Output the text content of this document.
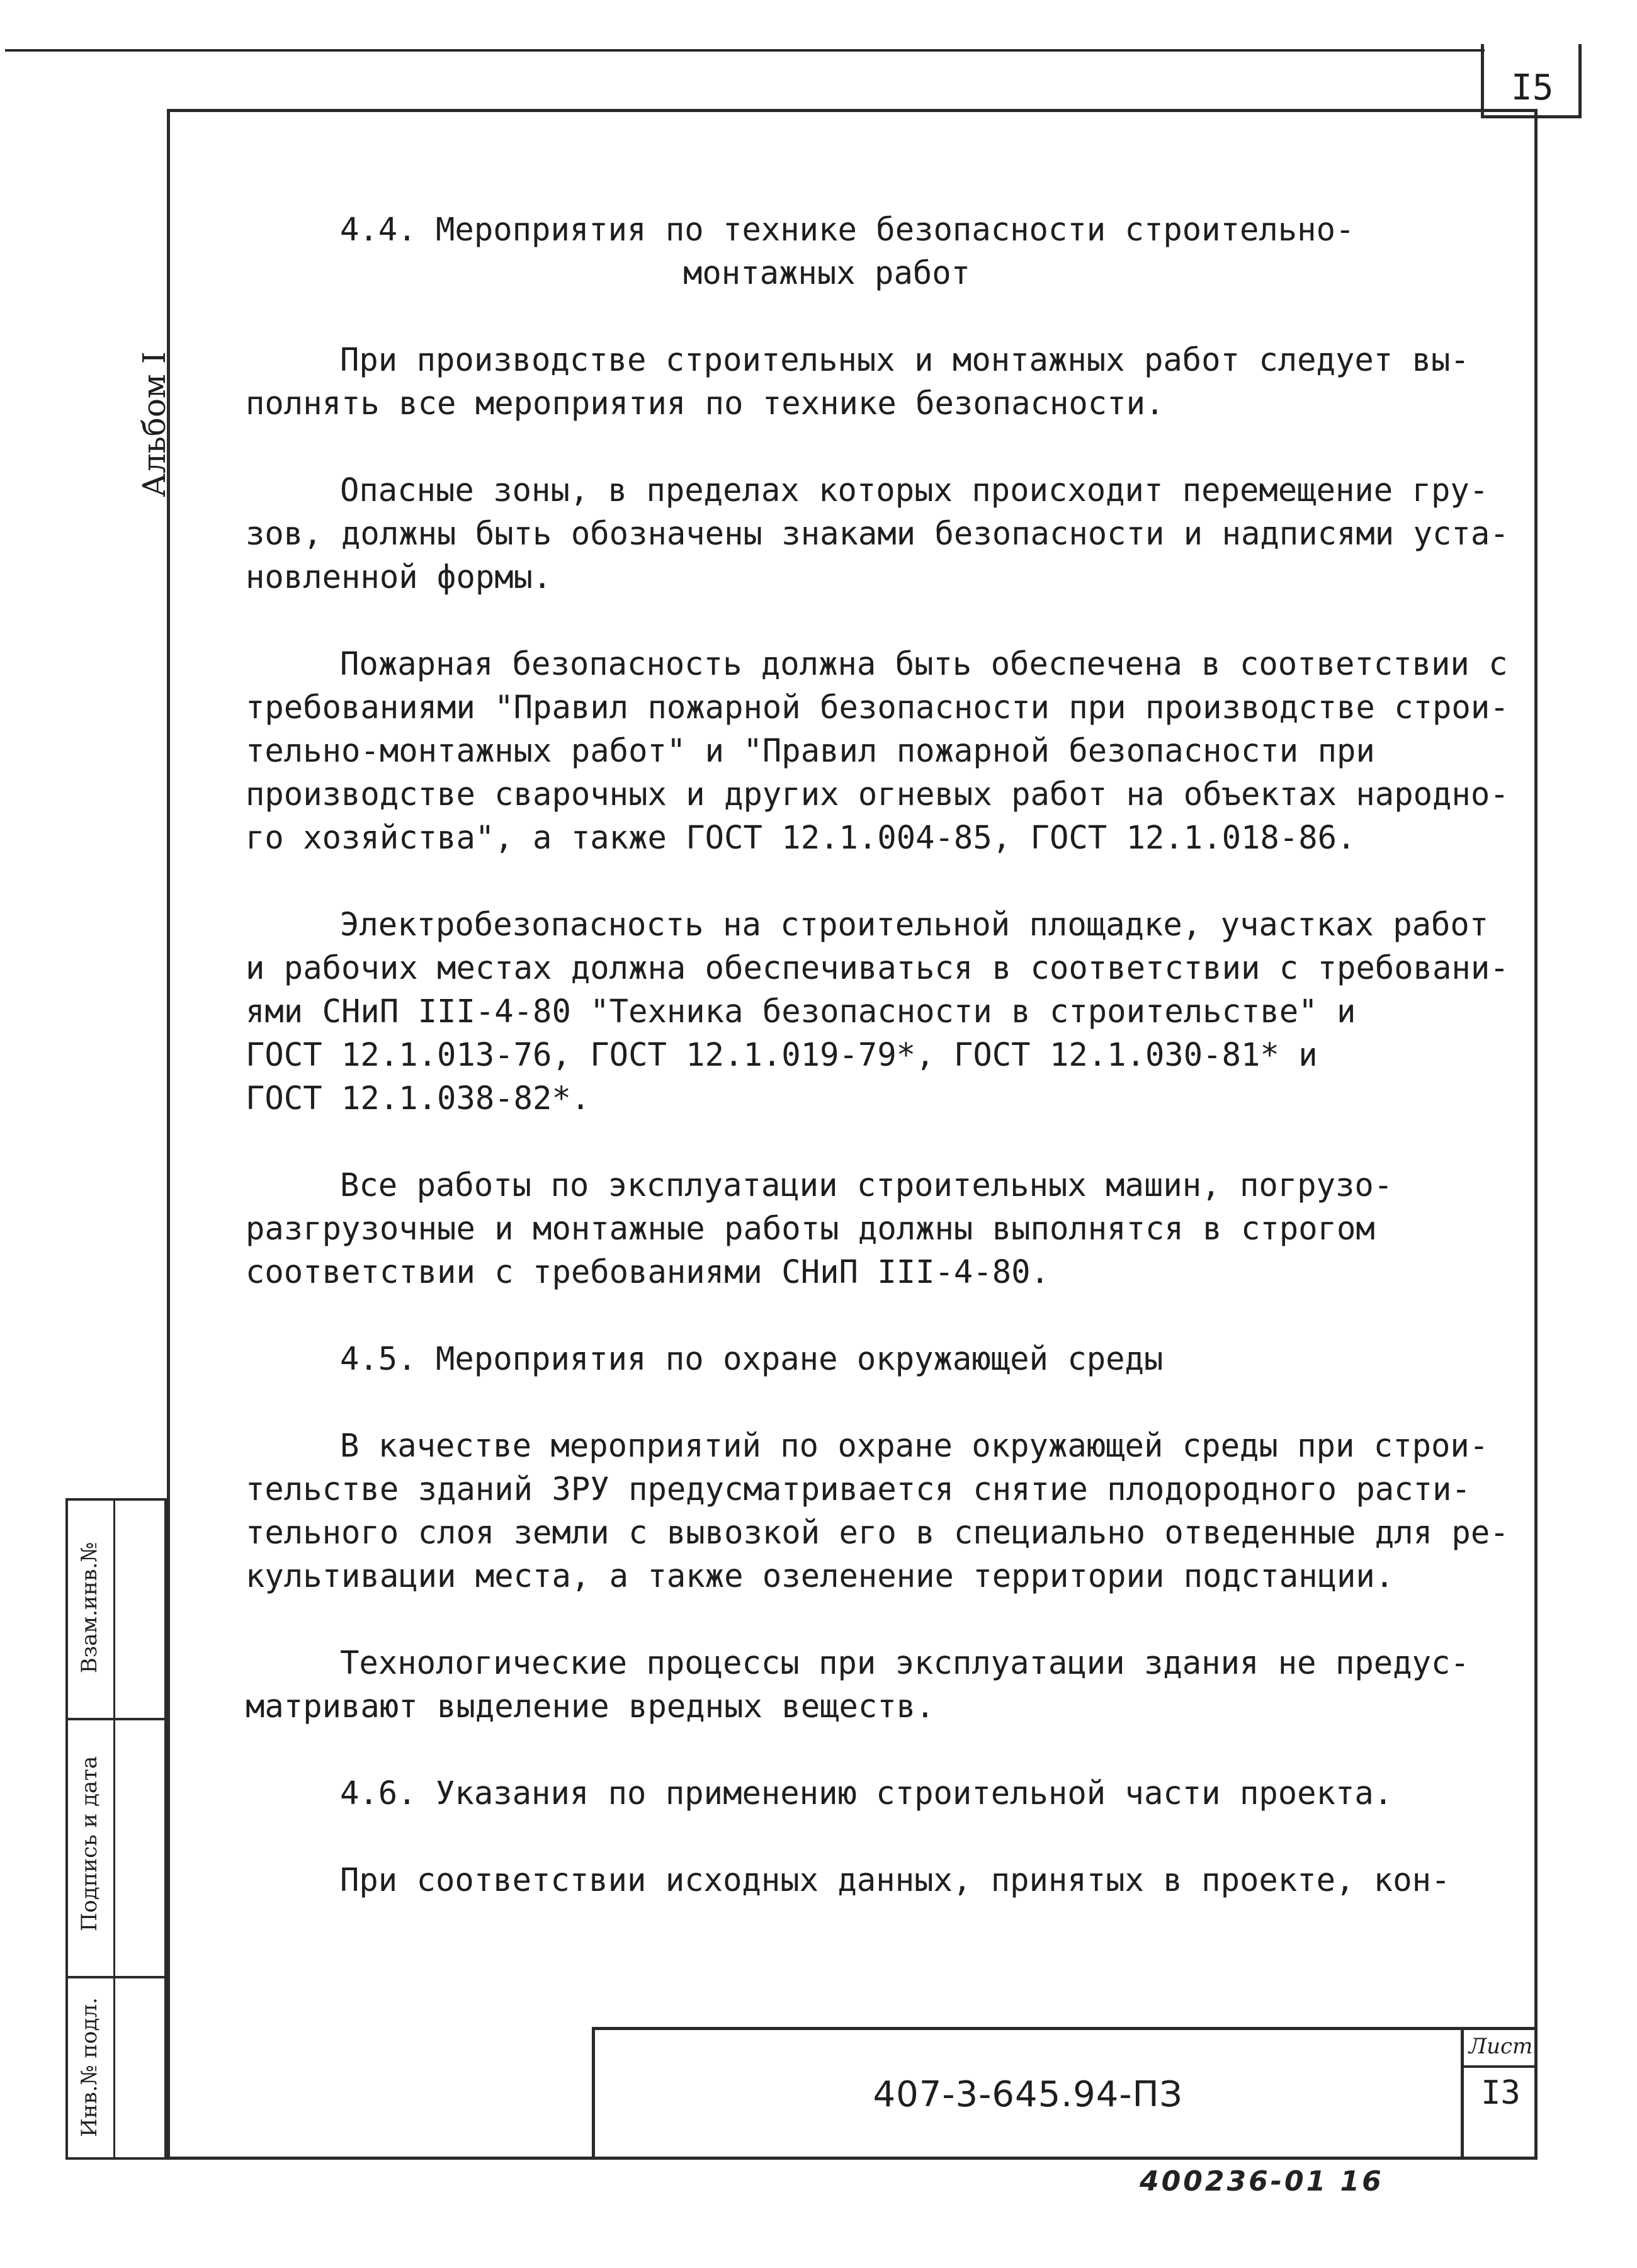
I5
Альбом I
Взам.инв.№
Подпись и дата
Инв.№ подл.
4.4. Мероприятия по технике безопасности строительно-
монтажных работ
При производстве строительных и монтажных работ следует вы-
полнять все мероприятия по технике безопасности.
Опасные зоны, в пределах которых происходит перемещение гру-
зов, должны быть обозначены знаками безопасности и надписями уста-
новленной формы.
Пожарная безопасность должна быть обеспечена в соответствии с
требованиями "Правил пожарной безопасности при производстве строи-
тельно-монтажных работ" и "Правил пожарной безопасности при
производстве сварочных и других огневых работ на объектах народно-
го хозяйства", а также ГОСТ 12.1.004-85, ГОСТ 12.1.018-86.
Электробезопасность на строительной площадке, участках работ
и рабочих местах должна обеспечиваться в соответствии с требовани-
ями СНиП III-4-80 "Техника безопасности в строительстве" и
ГОСТ 12.1.013-76, ГОСТ 12.1.019-79*, ГОСТ 12.1.030-81* и
ГОСТ 12.1.038-82*.
Все работы по эксплуатации строительных машин, погрузо-
разгрузочные и монтажные работы должны выполнятся в строгом
соответствии с требованиями СНиП III-4-80.
4.5. Мероприятия по охране окружающей среды
В качестве мероприятий по охране окружающей среды при строи-
тельстве зданий ЗРУ предусматривается снятие плодородного расти-
тельного слоя земли с вывозкой его в специально отведенные для ре-
культивации места, а также озеленение территории подстанции.
Технологические процессы при эксплуатации здания не предус-
матривают выделение вредных веществ.
4.6. Указания по применению строительной части проекта.
При соответствии исходных данных, принятых в проекте, кон-
407-3-645.94-ПЗ
Лист
I3
400236-01 16
